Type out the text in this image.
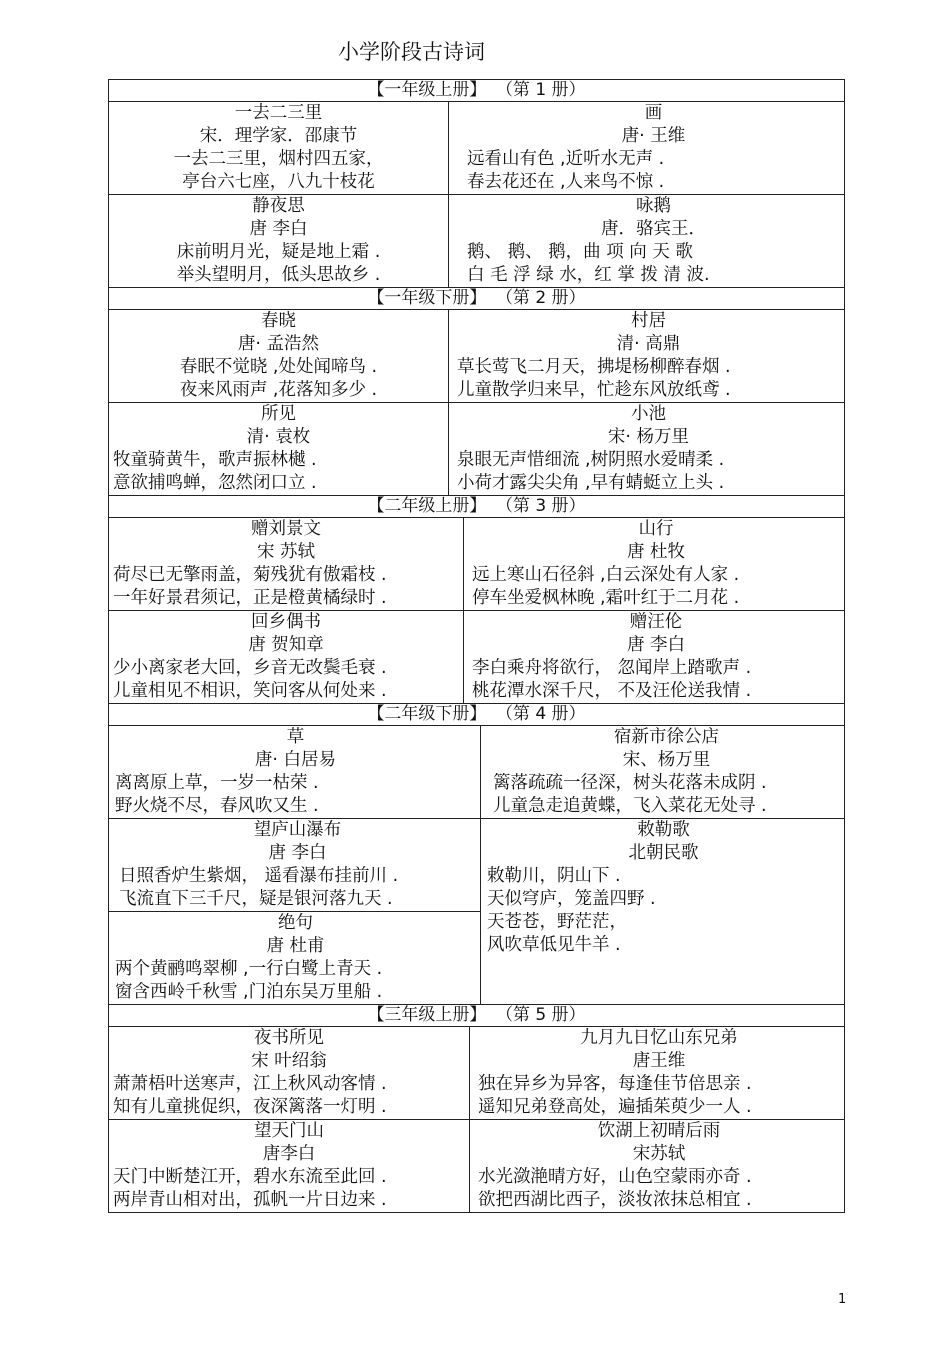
小学阶段古诗词
【一年级上册】 （第 1 册）
一去二三里
宋．理学家．邵康节
一去二三里，烟村四五家，
亭台六七座，八九十枝花
画
唐· 王维
远看山有色 ,近听水无声 .
春去花还在 ,人来鸟不惊 .
静夜思
唐 李白
床前明月光，疑是地上霜 .
举头望明月，低头思故乡 .
咏鹅
唐．骆宾王．
鹅、 鹅、 鹅，曲 项 向 天 歌
白 毛 浮 绿 水，红 掌 拨 清 波.
【一年级下册】 （第 2 册）
春晓
唐· 孟浩然
春眠不觉晓 ,处处闻啼鸟 .
夜来风雨声 ,花落知多少 .
村居
清· 高鼎
草长莺飞二月天，拂堤杨柳醉春烟 .
儿童散学归来早，忙趁东风放纸鸢 .
所见
清· 袁枚
牧童骑黄牛，歌声振林樾 .
意欲捕鸣蝉，忽然闭口立 .
小池
宋· 杨万里
泉眼无声惜细流 ,树阴照水爱晴柔 .
小荷才露尖尖角 ,早有蜻蜓立上头 .
【二年级上册】 （第 3 册）
赠刘景文
宋 苏轼
荷尽已无擎雨盖，菊残犹有傲霜枝 .
一年好景君须记，正是橙黄橘绿时 .
山行
唐 杜牧
远上寒山石径斜 ,白云深处有人家 .
停车坐爱枫林晚 ,霜叶红于二月花 .
回乡偶书
唐 贺知章
少小离家老大回，乡音无改鬓毛衰 .
儿童相见不相识，笑问客从何处来 .
赠汪伦
唐 李白
李白乘舟将欲行， 忽闻岸上踏歌声 .
桃花潭水深千尺， 不及汪伦送我情 .
【二年级下册】 （第 4 册）
草
唐· 白居易
离离原上草，一岁一枯荣 .
野火烧不尽，春风吹又生 .
宿新市徐公店
宋、杨万里
篱落疏疏一径深，树头花落未成阴 .
儿童急走追黄蝶，飞入菜花无处寻 .
望庐山瀑布
唐 李白
日照香炉生紫烟， 遥看瀑布挂前川 .
飞流直下三千尺，疑是银河落九天 .
绝句
唐 杜甫
两个黄鹂鸣翠柳 ,一行白鹭上青天 .
窗含西岭千秋雪 ,门泊东吴万里船 .
敕勒歌
北朝民歌
敕勒川，阴山下 .
天似穹庐，笼盖四野 .
天苍苍，野茫茫，
风吹草低见牛羊 .
【三年级上册】 （第 5 册）
夜书所见
宋 叶绍翁
萧萧梧叶送寒声，江上秋风动客情 .
知有儿童挑促织，夜深篱落一灯明 .
九月九日忆山东兄弟
唐王维
独在异乡为异客，每逢佳节倍思亲 .
遥知兄弟登高处，遍插茱萸少一人 .
望天门山
唐李白
天门中断楚江开，碧水东流至此回 .
两岸青山相对出，孤帆一片日边来 .
饮湖上初晴后雨
宋苏轼
水光潋滟晴方好，山色空蒙雨亦奇 .
欲把西湖比西子，淡妆浓抹总相宜 .
1
